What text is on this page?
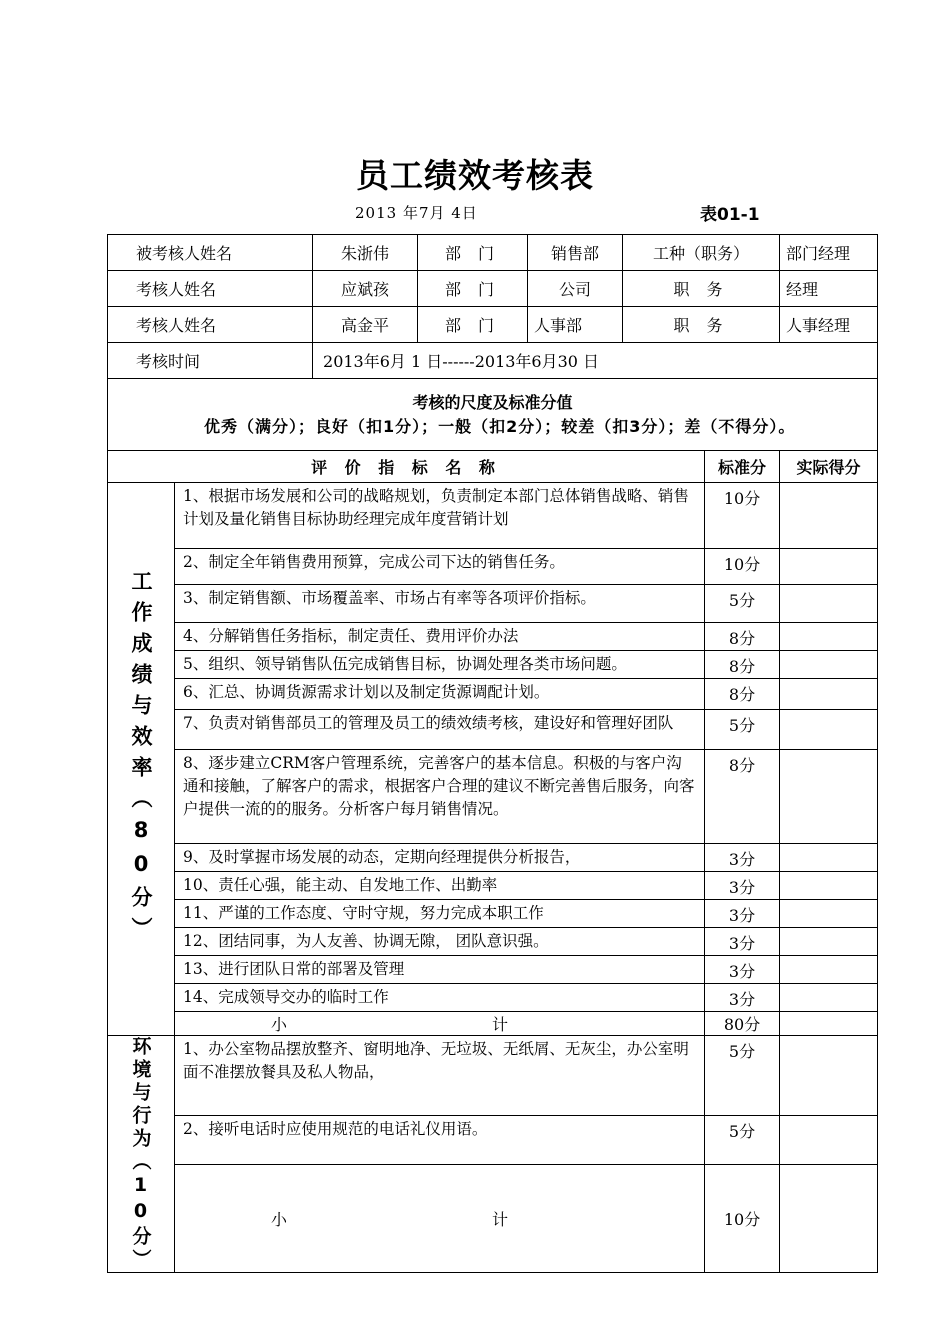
员工绩效考核表
2013 年7月 4日	表01-1
被考核人姓名		朱浙伟	部 门	销售部	工种（职务）		部门经理
考核人姓名		应斌孩	部 门	公司	职 务		经理
考核人姓名		高金平	部 门	人事部	职 务		人事经理
考核时间		2013年6月 1 日------2013年6月30 日					

考核的尺度及标准分值
优秀（满分）；良好（扣1分）；一般（扣2分）；较差（扣3分）；差（不得分）。							

评 价 指 标 名 称						标准分	实际得分
工作成绩与效率（80分）	1、根据市场发展和公司的战略规划，负责制定本部门总体销售战略、销售计划及量化销售目标协助经理完成年度营销计划					10分	
	2、制定全年销售费用预算，完成公司下达的销售任务。					10分	
	3、制定销售额、市场覆盖率、市场占有率等各项评价指标。					5分	
	4、分解销售任务指标，制定责任、费用评价办法					8分	
	5、组织、领导销售队伍完成销售目标，协调处理各类市场问题。					8分	
	6、汇总、协调货源需求计划以及制定货源调配计划。					8分	
	7、负责对销售部员工的管理及员工的绩效绩考核，建设好和管理好团队					5分	
	8、逐步建立CRM客户管理系统，完善客户的基本信息。积极的与客户沟通和接触，了解客户的需求，根据客户合理的建议不断完善售后服务，向客户提供一流的的服务。分析客户每月销售情况。					8分	
	9、及时掌握市场发展的动态，定期向经理提供分析报告，					3分	
	10、责任心强，能主动、自发地工作、出勤率					3分	
	11、严谨的工作态度、守时守规，努力完成本职工作					3分	
	12、团结同事，为人友善、协调无隙， 团队意识强。					3分	
	13、进行团队日常的部署及管理					3分	
	14、完成领导交办的临时工作					3分	
	小 计					80分	
环境与行为（10分）	1、办公室物品摆放整齐、窗明地净、无垃圾、无纸屑、无灰尘，办公室明面不准摆放餐具及私人物品，					5分	
	2、接听电话时应使用规范的电话礼仪用语。					5分	
	小 计					10分	
